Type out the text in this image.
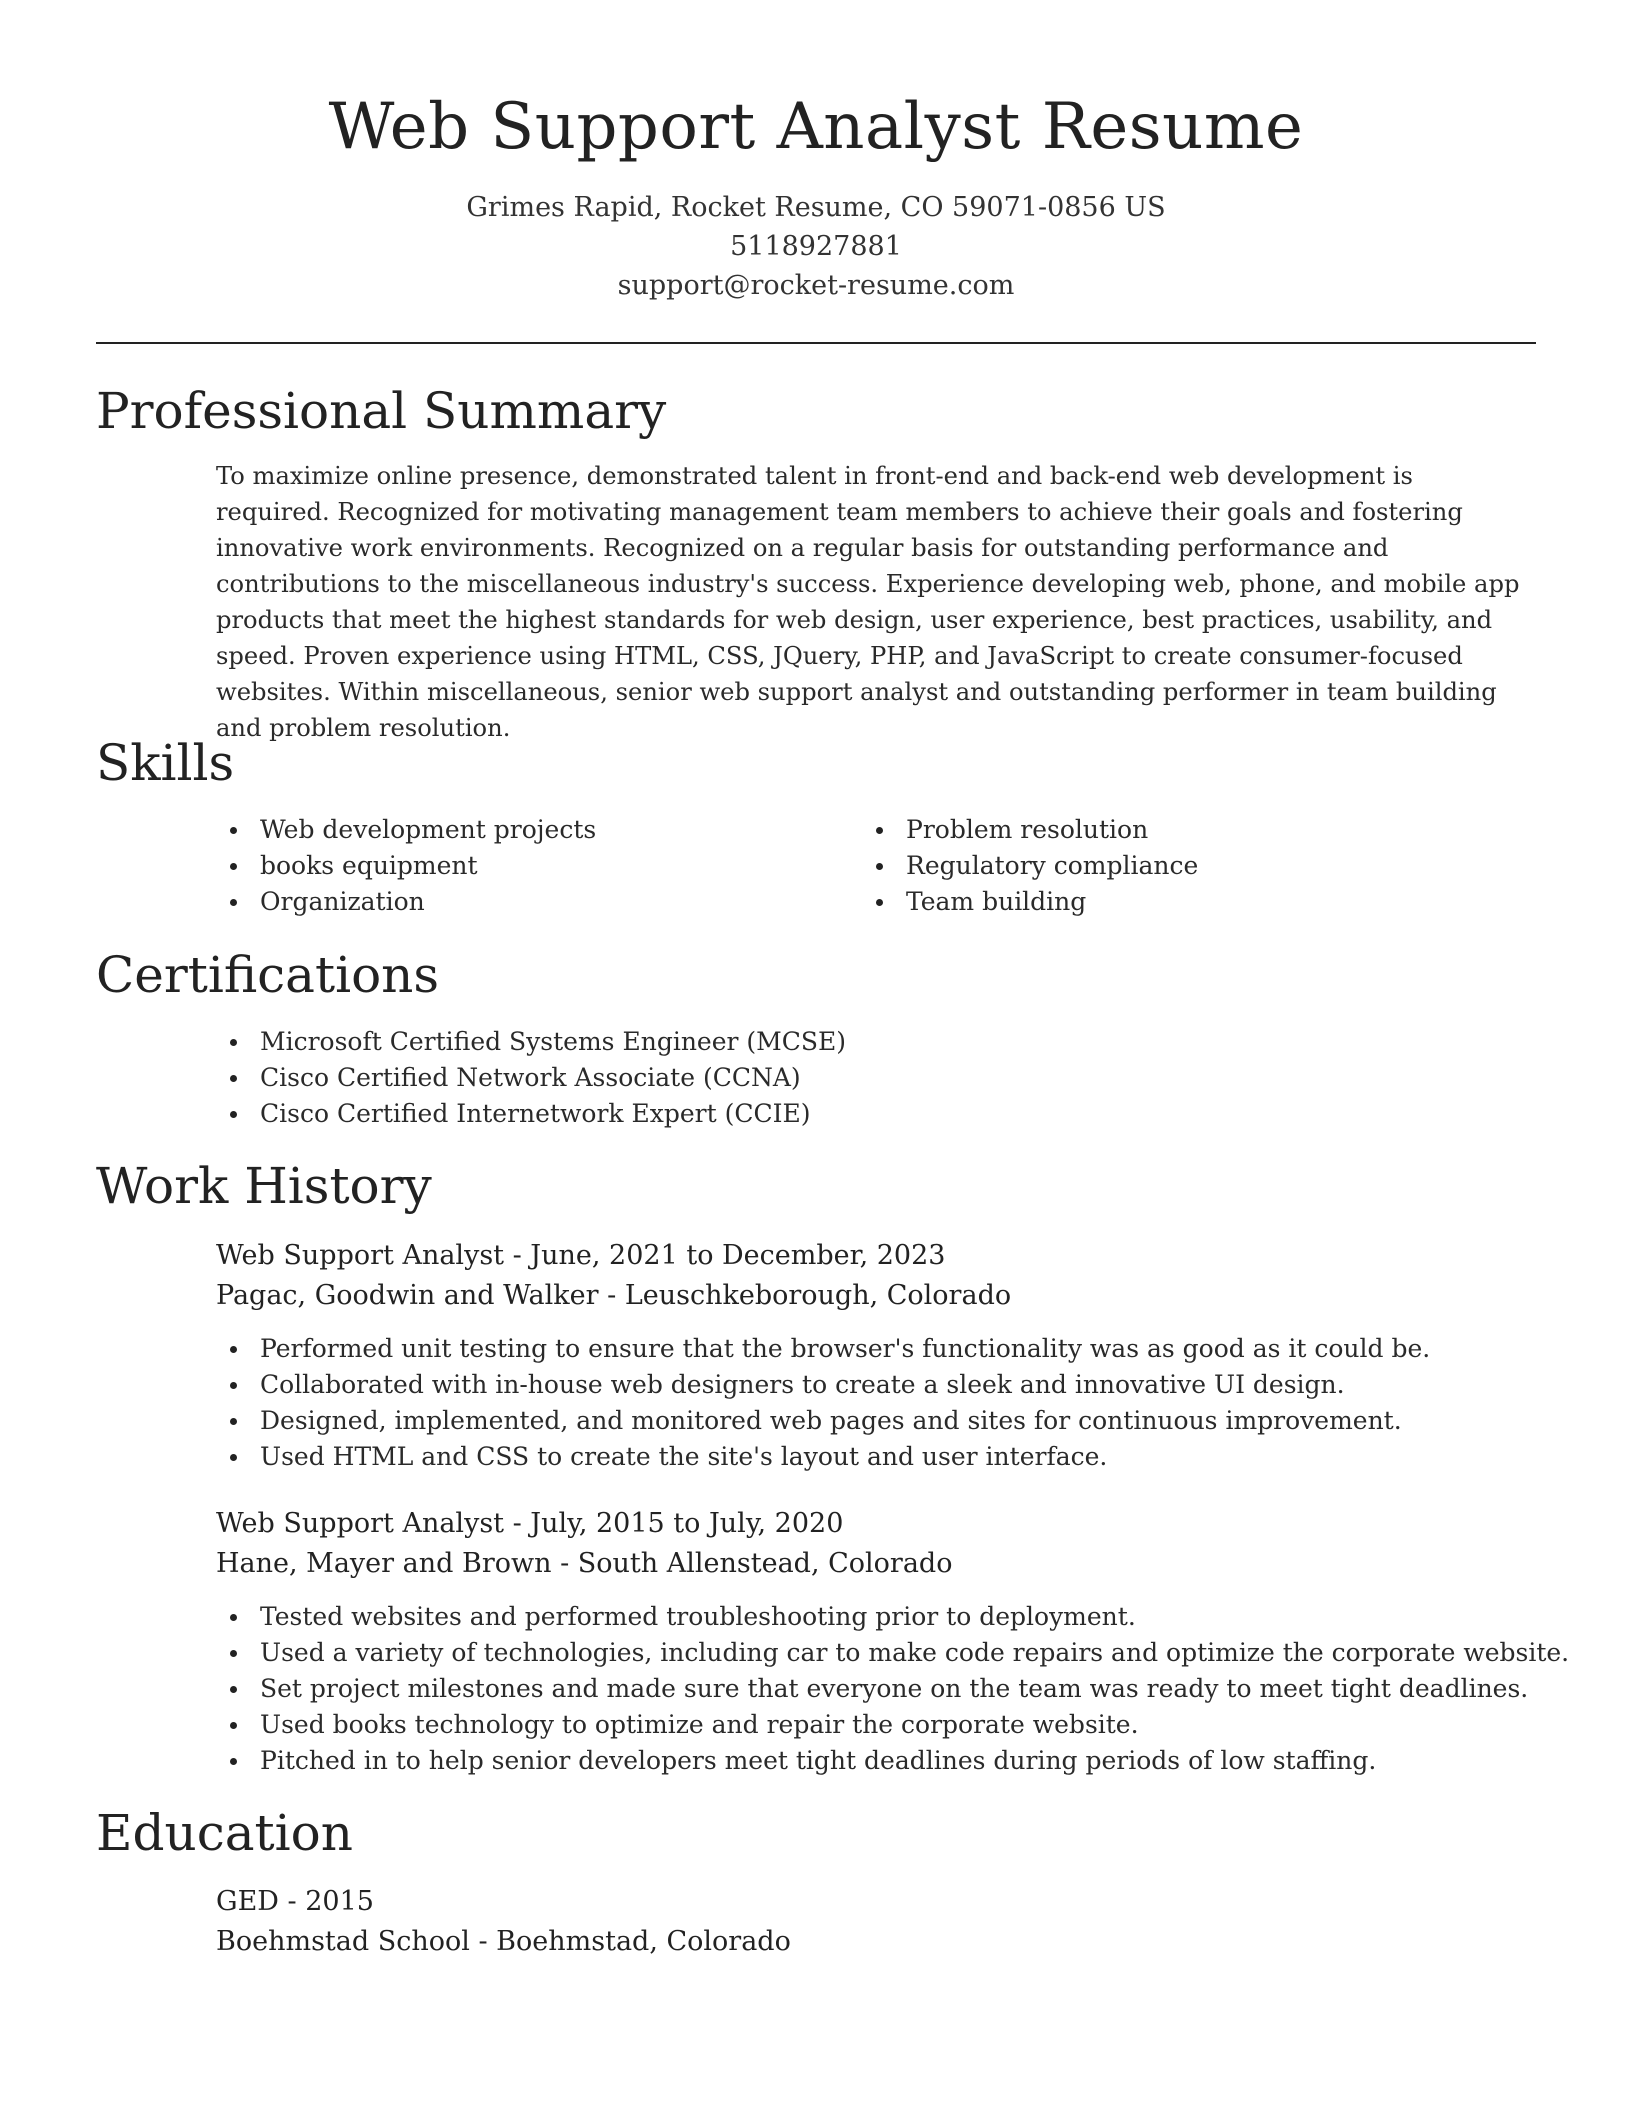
Web Support Analyst Resume
Grimes Rapid, Rocket Resume, CO 59071-0856 US
5118927881
support@rocket-resume.com
Professional Summary

To maximize online presence, demonstrated talent in front-end and back-end web development is required. Recognized for motivating management team members to achieve their goals and fostering innovative work environments. Recognized on a regular basis for outstanding performance and contributions to the miscellaneous industry's success. Experience developing web, phone, and mobile app products that meet the highest standards for web design, user experience, best practices, usability, and speed. Proven experience using HTML, CSS, JQuery, PHP, and JavaScript to create consumer-focused websites. Within miscellaneous, senior web support analyst and outstanding performer in team building and problem resolution.

Skills
Web development projects
books equipment
Organization
Problem resolution
Regulatory compliance
Team building
Certifications
Microsoft Certified Systems Engineer (MCSE)
Cisco Certified Network Associate (CCNA)
Cisco Certified Internetwork Expert (CCIE)
Work History
Web Support Analyst - June, 2021 to December, 2023
Pagac, Goodwin and Walker - Leuschkeborough, Colorado
Performed unit testing to ensure that the browser's functionality was as good as it could be.
Collaborated with in-house web designers to create a sleek and innovative UI design.
Designed, implemented, and monitored web pages and sites for continuous improvement.
Used HTML and CSS to create the site's layout and user interface.
Web Support Analyst - July, 2015 to July, 2020
Hane, Mayer and Brown - South Allenstead, Colorado
Tested websites and performed troubleshooting prior to deployment.
Used a variety of technologies, including car to make code repairs and optimize the corporate website.
Set project milestones and made sure that everyone on the team was ready to meet tight deadlines.
Used books technology to optimize and repair the corporate website.
Pitched in to help senior developers meet tight deadlines during periods of low staffing.
Education
GED - 2015
Boehmstad School - Boehmstad, Colorado
